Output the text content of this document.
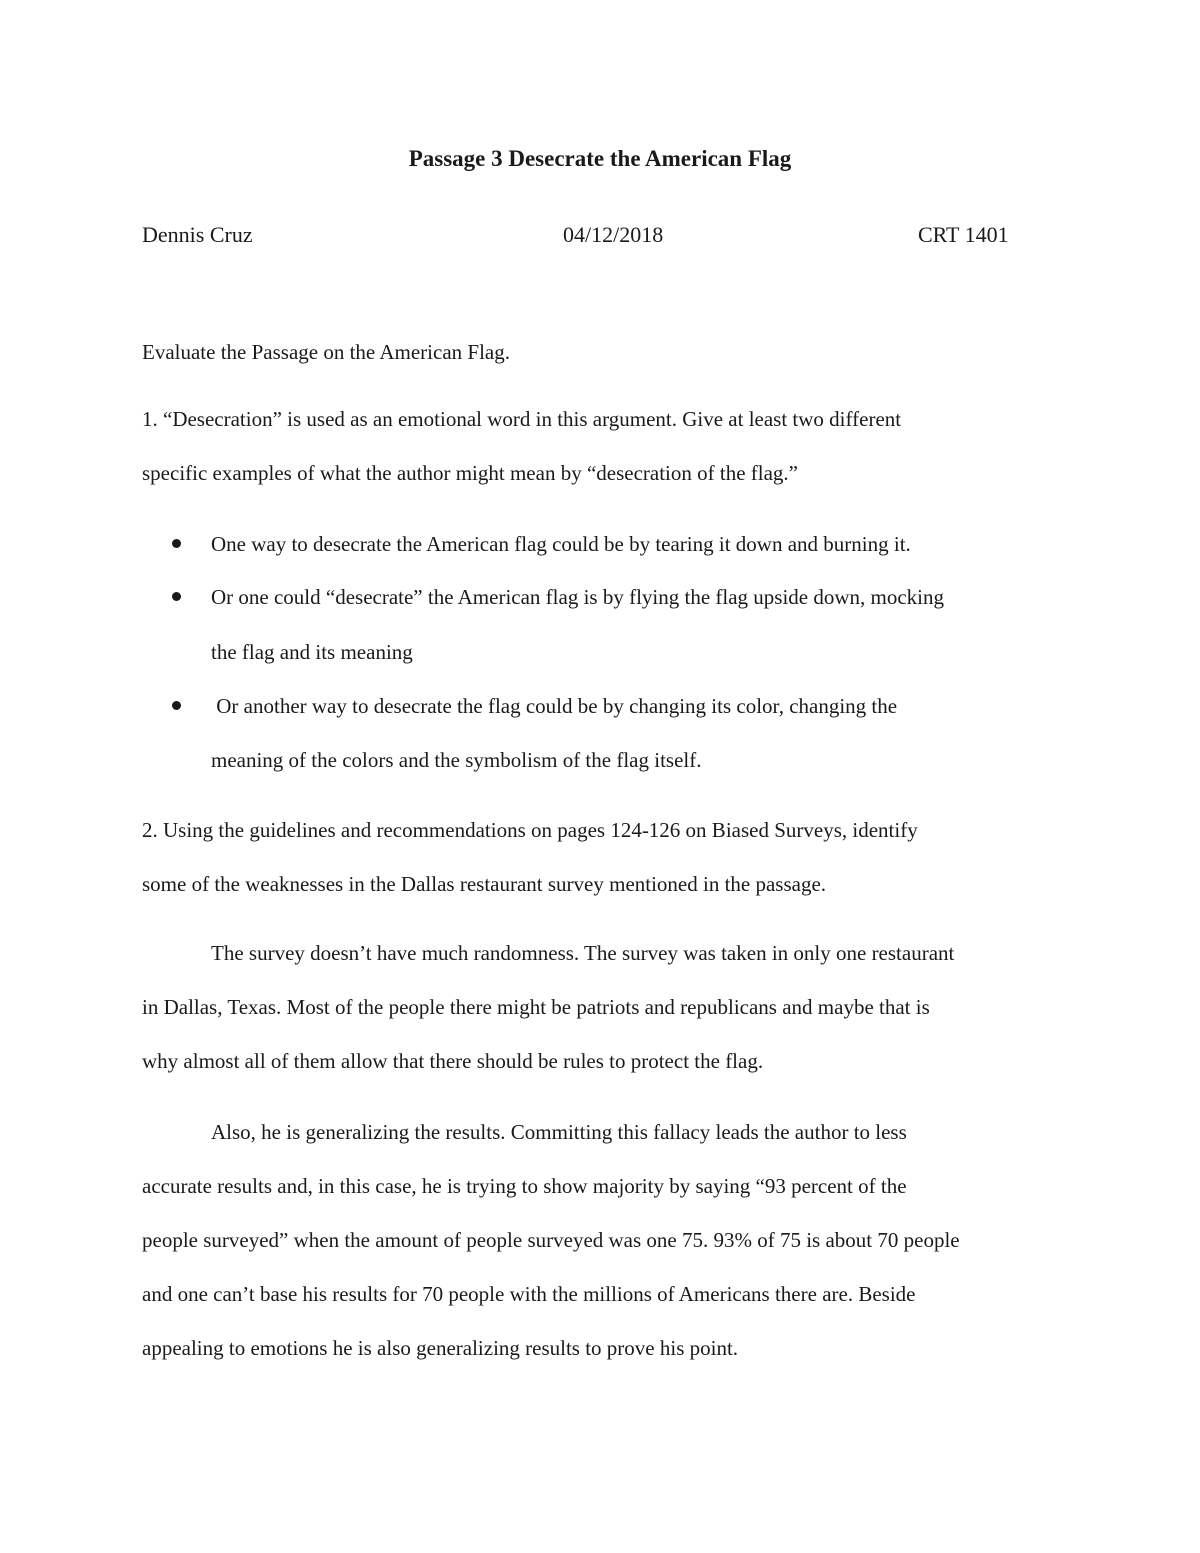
Passage 3 Desecrate the American Flag
Dennis Cruz	04/12/2018	CRT 1401
Evaluate the Passage on the American Flag.
1. “Desecration” is used as an emotional word in this argument. Give at least two different
specific examples of what the author might mean by “desecration of the flag.”
One way to desecrate the American flag could be by tearing it down and burning it.
Or one could “desecrate” the American flag is by flying the flag upside down, mocking
the flag and its meaning
Or another way to desecrate the flag could be by changing its color, changing the
meaning of the colors and the symbolism of the flag itself.
2. Using the guidelines and recommendations on pages 124-126 on Biased Surveys, identify
some of the weaknesses in the Dallas restaurant survey mentioned in the passage.
The survey doesn’t have much randomness. The survey was taken in only one restaurant
in Dallas, Texas. Most of the people there might be patriots and republicans and maybe that is
why almost all of them allow that there should be rules to protect the flag.
Also, he is generalizing the results. Committing this fallacy leads the author to less
accurate results and, in this case, he is trying to show majority by saying “93 percent of the
people surveyed” when the amount of people surveyed was one 75. 93% of 75 is about 70 people
and one can’t base his results for 70 people with the millions of Americans there are. Beside
appealing to emotions he is also generalizing results to prove his point.
